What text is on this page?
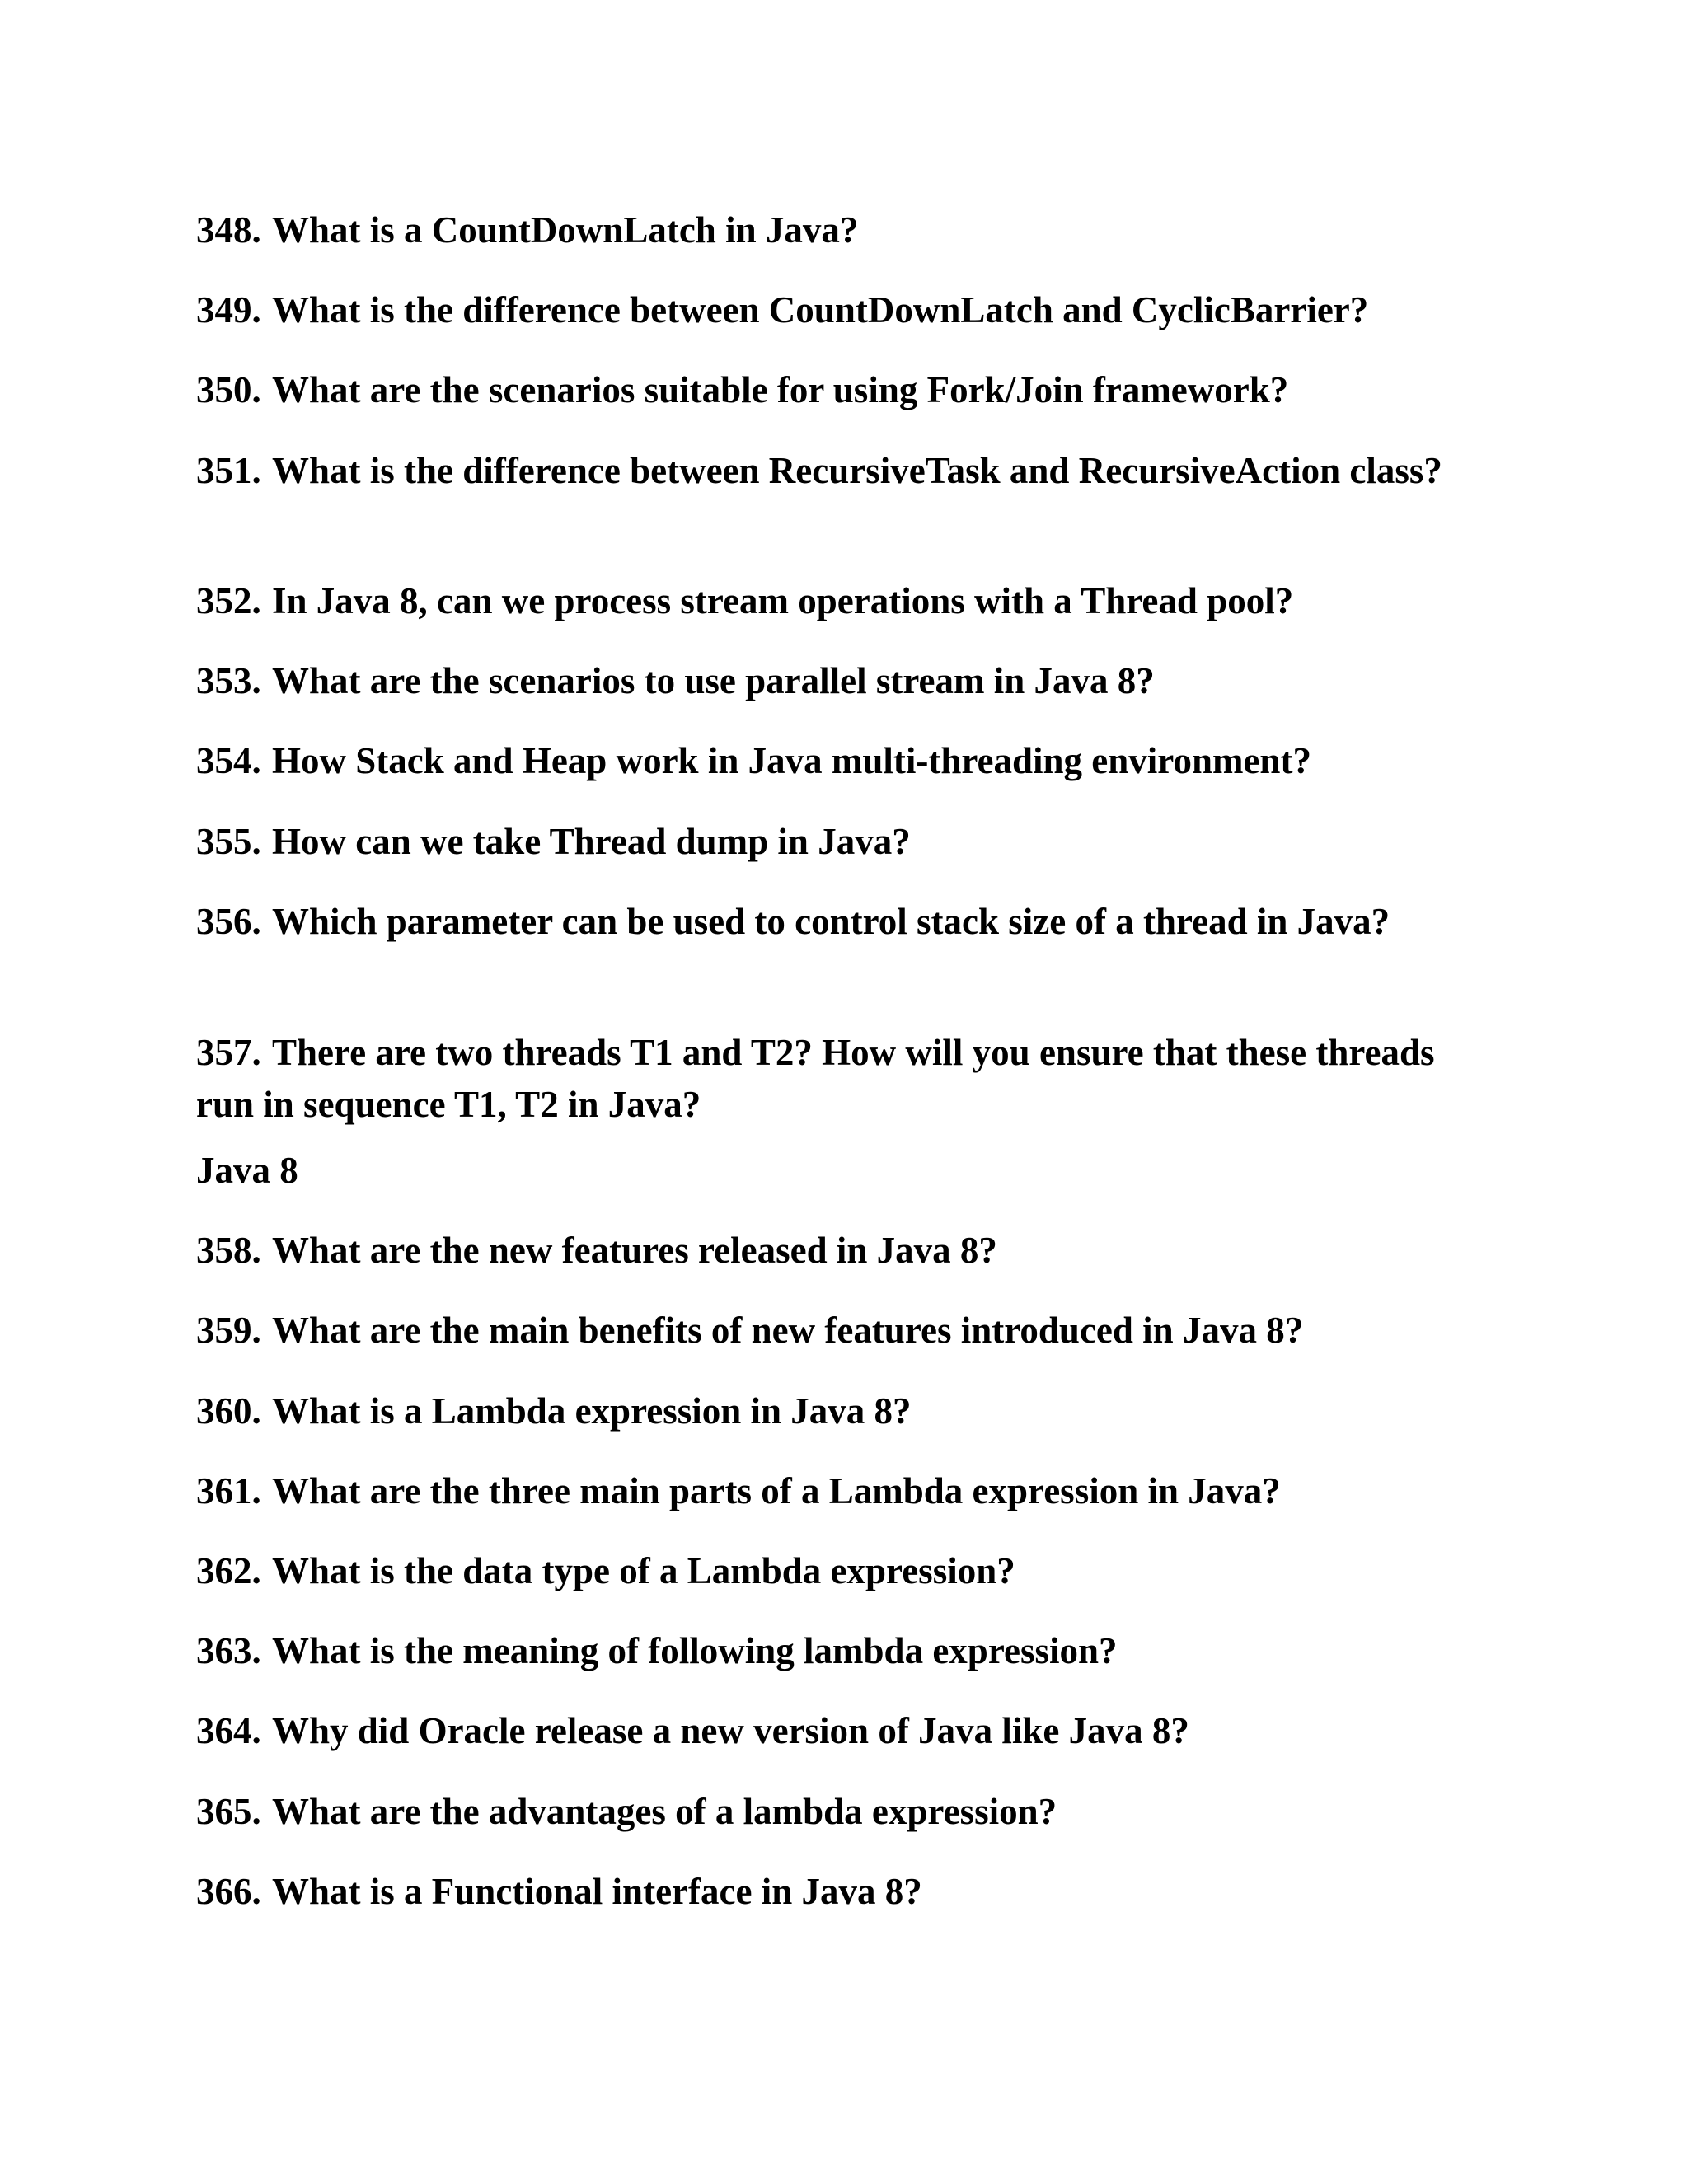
348. What is a CountDownLatch in Java?

349. What is the difference between CountDownLatch and CyclicBarrier?

350. What are the scenarios suitable for using Fork/Join framework?

351. What is the difference between RecursiveTask and RecursiveAction class?

352. In Java 8, can we process stream operations with a Thread pool?

353. What are the scenarios to use parallel stream in Java 8?

354. How Stack and Heap work in Java multi-threading environment?

355. How can we take Thread dump in Java?

356. Which parameter can be used to control stack size of a thread in Java?

357. There are two threads T1 and T2? How will you ensure that these threads run in sequence T1, T2 in Java?

Java 8

358. What are the new features released in Java 8?

359. What are the main benefits of new features introduced in Java 8?

360. What is a Lambda expression in Java 8?

361. What are the three main parts of a Lambda expression in Java?

362. What is the data type of a Lambda expression?

363. What is the meaning of following lambda expression?

364. Why did Oracle release a new version of Java like Java 8?

365. What are the advantages of a lambda expression?

366. What is a Functional interface in Java 8?
